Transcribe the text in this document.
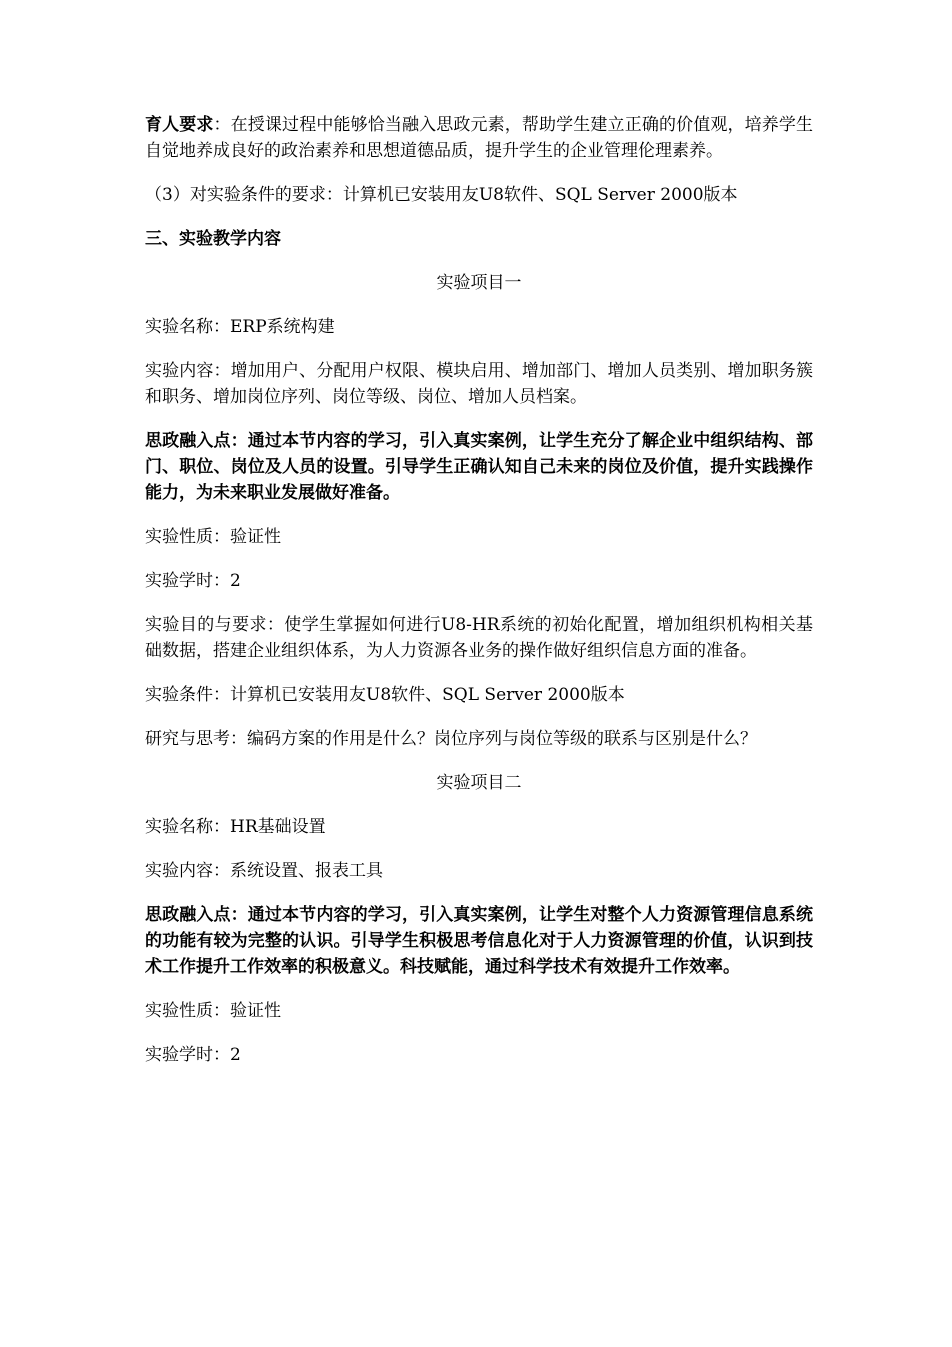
育人要求：在授课过程中能够恰当融入思政元素，帮助学生建立正确的价值观，培养学生自觉地养成良好的政治素养和思想道德品质，提升学生的企业管理伦理素养。

（3）对实验条件的要求：计算机已安装用友U8软件、SQL Server 2000版本

三、实验教学内容

实验项目一

实验名称：ERP系统构建

实验内容：增加用户、分配用户权限、模块启用、增加部门、增加人员类别、增加职务簇和职务、增加岗位序列、岗位等级、岗位、增加人员档案。

思政融入点：通过本节内容的学习，引入真实案例，让学生充分了解企业中组织结构、部门、职位、岗位及人员的设置。引导学生正确认知自己未来的岗位及价值，提升实践操作能力，为未来职业发展做好准备。

实验性质：验证性

实验学时：2

实验目的与要求：使学生掌握如何进行U8-HR系统的初始化配置，增加组织机构相关基础数据，搭建企业组织体系，为人力资源各业务的操作做好组织信息方面的准备。

实验条件：计算机已安装用友U8软件、SQL Server 2000版本

研究与思考：编码方案的作用是什么？岗位序列与岗位等级的联系与区别是什么？

实验项目二

实验名称：HR基础设置

实验内容：系统设置、报表工具

思政融入点：通过本节内容的学习，引入真实案例，让学生对整个人力资源管理信息系统的功能有较为完整的认识。引导学生积极思考信息化对于人力资源管理的价值，认识到技术工作提升工作效率的积极意义。科技赋能，通过科学技术有效提升工作效率。

实验性质：验证性

实验学时：2
